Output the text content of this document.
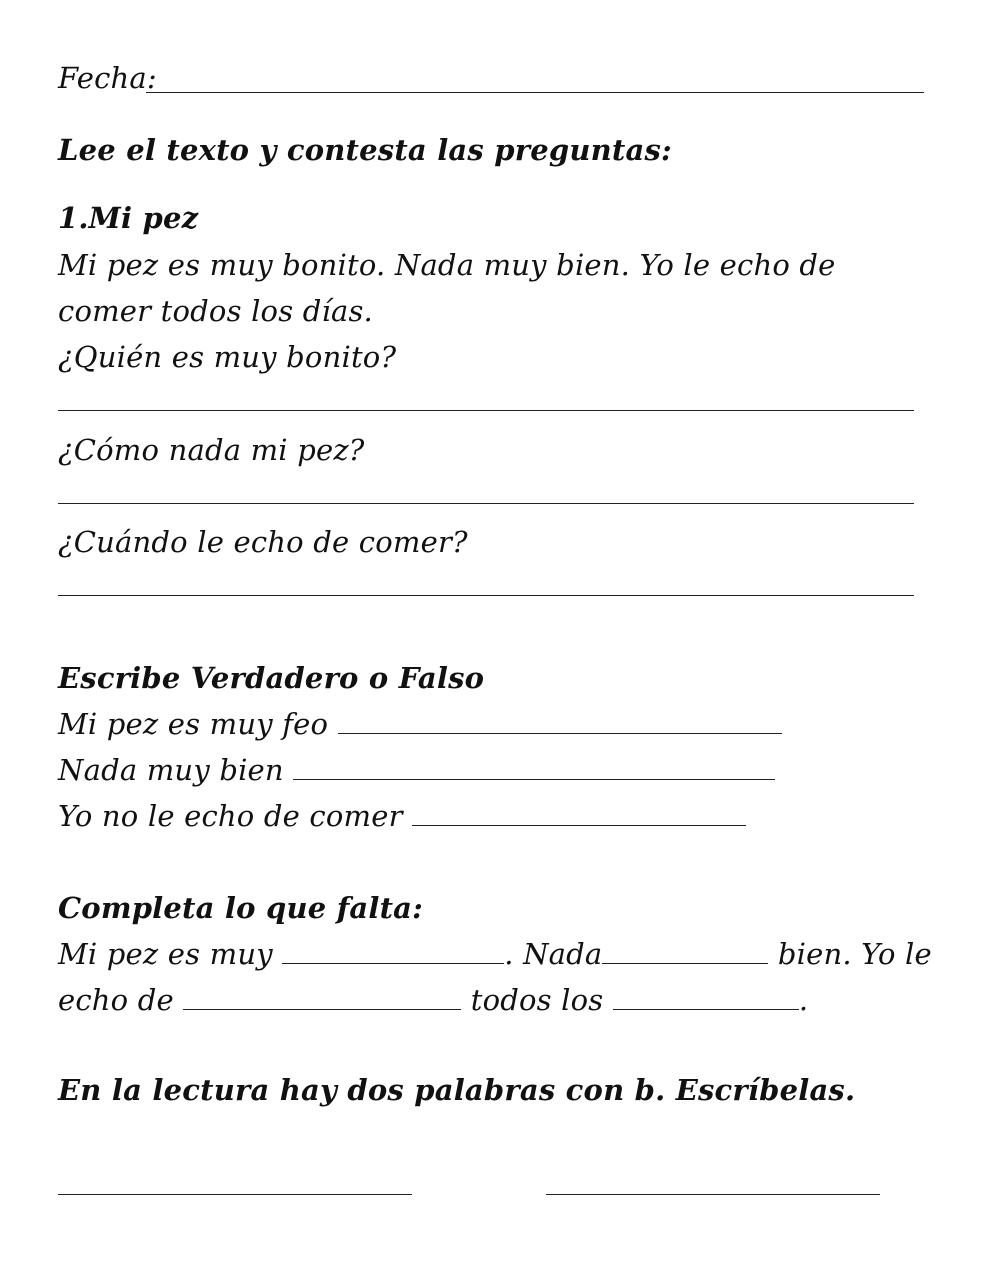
Fecha:
Lee el texto y contesta las preguntas:
1.Mi pez
Mi pez es muy bonito. Nada muy bien. Yo le echo de
comer todos los días.
¿Quién es muy bonito?
¿Cómo nada mi pez?
¿Cuándo le echo de comer?
Escribe Verdadero o Falso
Mi pez es muy feo
Nada muy bien
Yo no le echo de comer
Completa lo que falta:
Mi pez es muy	. Nada	bien. Yo le
echo de	todos los	.
En la lectura hay dos palabras con b. Escríbelas.
